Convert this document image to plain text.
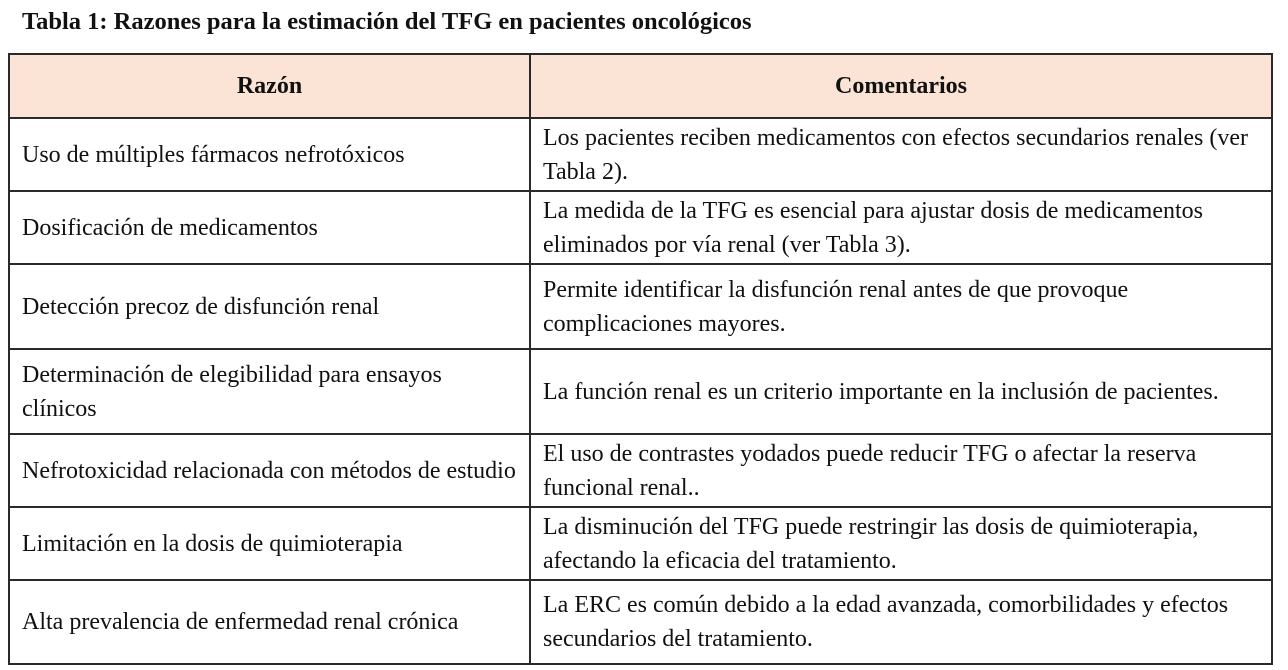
Tabla 1: Razones para la estimación del TFG en pacientes oncológicos
Razón	Comentarios
Uso de múltiples fármacos nefrotóxicos	Los pacientes reciben medicamentos con efectos secundarios renales (ver Tabla 2).
Dosificación de medicamentos	La medida de la TFG es esencial para ajustar dosis de medicamentos eliminados por vía renal (ver Tabla 3).
Detección precoz de disfunción renal	Permite identificar la disfunción renal antes de que provoque complicaciones mayores.
Determinación de elegibilidad para ensayos clínicos	La función renal es un criterio importante en la inclusión de pacientes.
Nefrotoxicidad relacionada con métodos de estudio	El uso de contrastes yodados puede reducir TFG o afectar la reserva funcional renal..
Limitación en la dosis de quimioterapia	La disminución del TFG puede restringir las dosis de quimioterapia, afectando la eficacia del tratamiento.
Alta prevalencia de enfermedad renal crónica	La ERC es común debido a la edad avanzada, comorbilidades y efectos secundarios del tratamiento.
